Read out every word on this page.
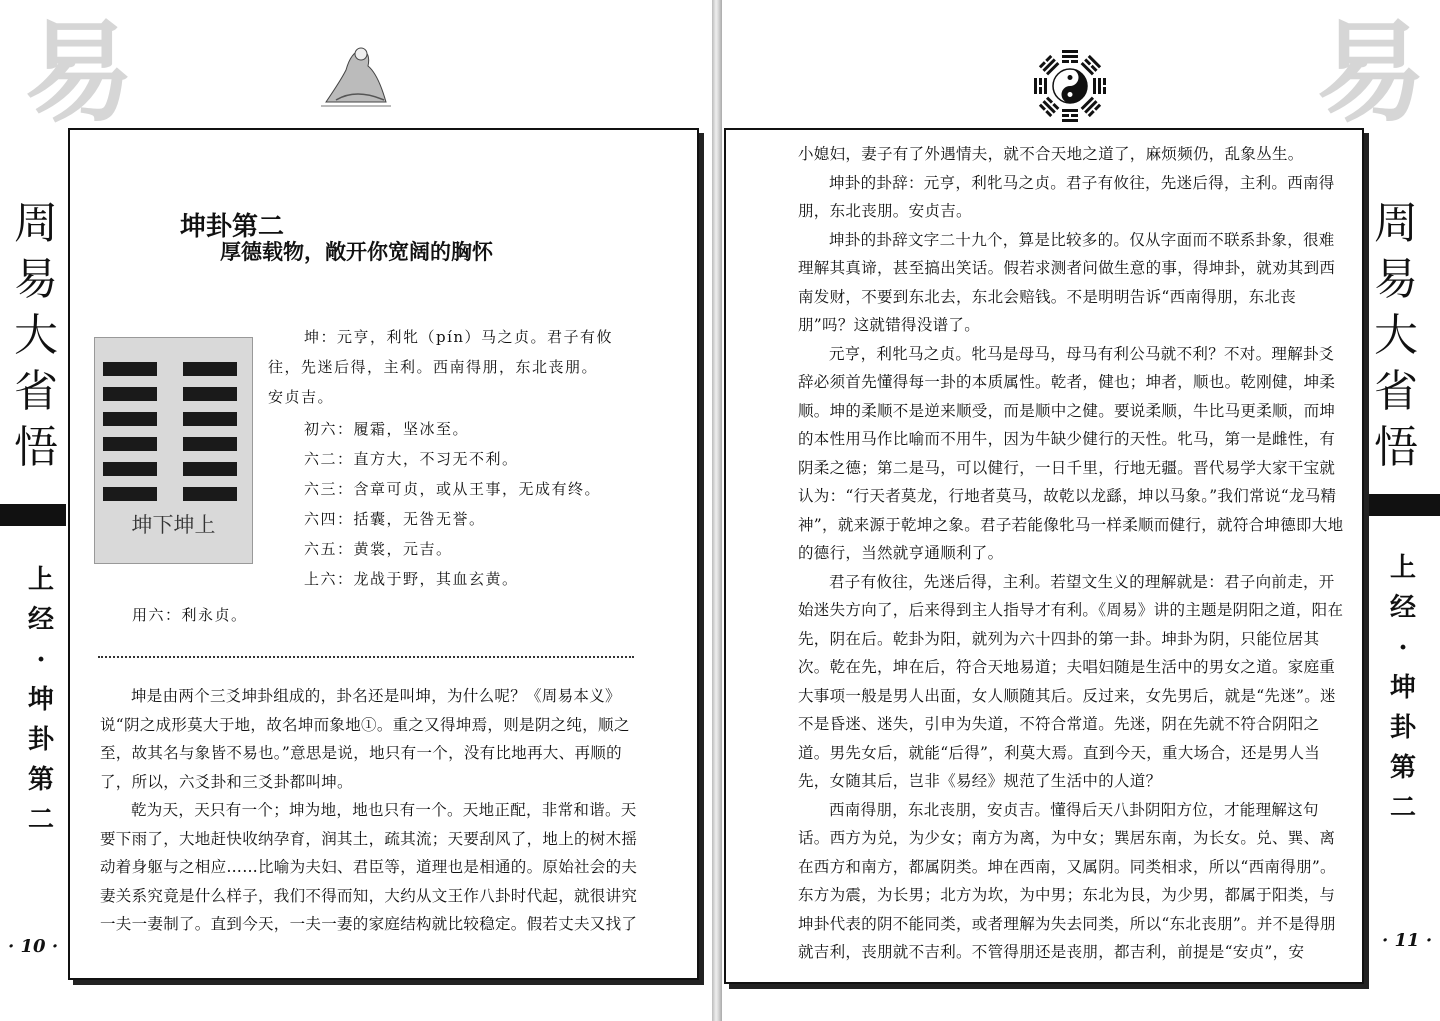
易
周
易
大
省
悟
上
经
·
坤
卦
第
二
· 10 ·
坤卦第二
厚德载物，敞开你宽阔的胸怀
坤下坤上
坤：元亨，利牝（pín）马之贞。君子有攸
往，先迷后得，主利。西南得朋，东北丧朋。
安贞吉。
初六：履霜，坚冰至。
六二：直方大，不习无不利。
六三：含章可贞，或从王事，无成有终。
六四：括囊，无咎无誉。
六五：黄裳，元吉。
上六：龙战于野，其血玄黄。
用六：利永贞。

坤是由两个三爻坤卦组成的，卦名还是叫坤，为什么呢？《周易本义》说“阴之成形莫大于地，故名坤而象地①。重之又得坤焉，则是阴之纯，顺之至，故其名与象皆不易也。”意思是说，地只有一个，没有比地再大、再顺的了，所以，六爻卦和三爻卦都叫坤。

乾为天，天只有一个；坤为地，地也只有一个。天地正配，非常和谐。天要下雨了，大地赶快收纳孕育，润其土，疏其流；天要刮风了，地上的树木摇动着身躯与之相应……比喻为夫妇、君臣等，道理也是相通的。原始社会的夫妻关系究竟是什么样子，我们不得而知，大约从文王作八卦时代起，就很讲究一夫一妻制了。直到今天，一夫一妻的家庭结构就比较稳定。假若丈夫又找了

易
周
易
大
省
悟
上
经
·
坤
卦
第
二
· 11 ·

小媳妇，妻子有了外遇情夫，就不合天地之道了，麻烦频仍，乱象丛生。

坤卦的卦辞：元亨，利牝马之贞。君子有攸往，先迷后得，主利。西南得朋，东北丧朋。安贞吉。

坤卦的卦辞文字二十九个，算是比较多的。仅从字面而不联系卦象，很难理解其真谛，甚至搞出笑话。假若求测者问做生意的事，得坤卦，就劝其到西南发财，不要到东北去，东北会赔钱。不是明明告诉“西南得朋，东北丧朋”吗？这就错得没谱了。

元亨，利牝马之贞。牝马是母马，母马有利公马就不利？不对。理解卦爻辞必须首先懂得每一卦的本质属性。乾者，健也；坤者，顺也。乾刚健，坤柔顺。坤的柔顺不是逆来顺受，而是顺中之健。要说柔顺，牛比马更柔顺，而坤的本性用马作比喻而不用牛，因为牛缺少健行的天性。牝马，第一是雌性，有阴柔之德；第二是马，可以健行，一日千里，行地无疆。晋代易学大家干宝就认为：“行天者莫龙，行地者莫马，故乾以龙繇，坤以马象。”我们常说“龙马精神”，就来源于乾坤之象。君子若能像牝马一样柔顺而健行，就符合坤德即大地的德行，当然就亨通顺利了。

君子有攸往，先迷后得，主利。若望文生义的理解就是：君子向前走，开始迷失方向了，后来得到主人指导才有利。《周易》讲的主题是阴阳之道，阳在先，阴在后。乾卦为阳，就列为六十四卦的第一卦。坤卦为阴，只能位居其次。乾在先，坤在后，符合天地易道；夫唱妇随是生活中的男女之道。家庭重大事项一般是男人出面，女人顺随其后。反过来，女先男后，就是“先迷”。迷不是昏迷、迷失，引申为失道，不符合常道。先迷，阴在先就不符合阴阳之道。男先女后，就能“后得”，利莫大焉。直到今天，重大场合，还是男人当先，女随其后，岂非《易经》规范了生活中的人道？

西南得朋，东北丧朋，安贞吉。懂得后天八卦阴阳方位，才能理解这句话。西方为兑，为少女；南方为离，为中女；巽居东南，为长女。兑、巽、离在西方和南方，都属阴类。坤在西南，又属阴。同类相求，所以“西南得朋”。东方为震，为长男；北方为坎，为中男；东北为艮，为少男，都属于阳类，与坤卦代表的阴不能同类，或者理解为失去同类，所以“东北丧朋”。并不是得朋就吉利，丧朋就不吉利。不管得朋还是丧朋，都吉利，前提是“安贞”，安
